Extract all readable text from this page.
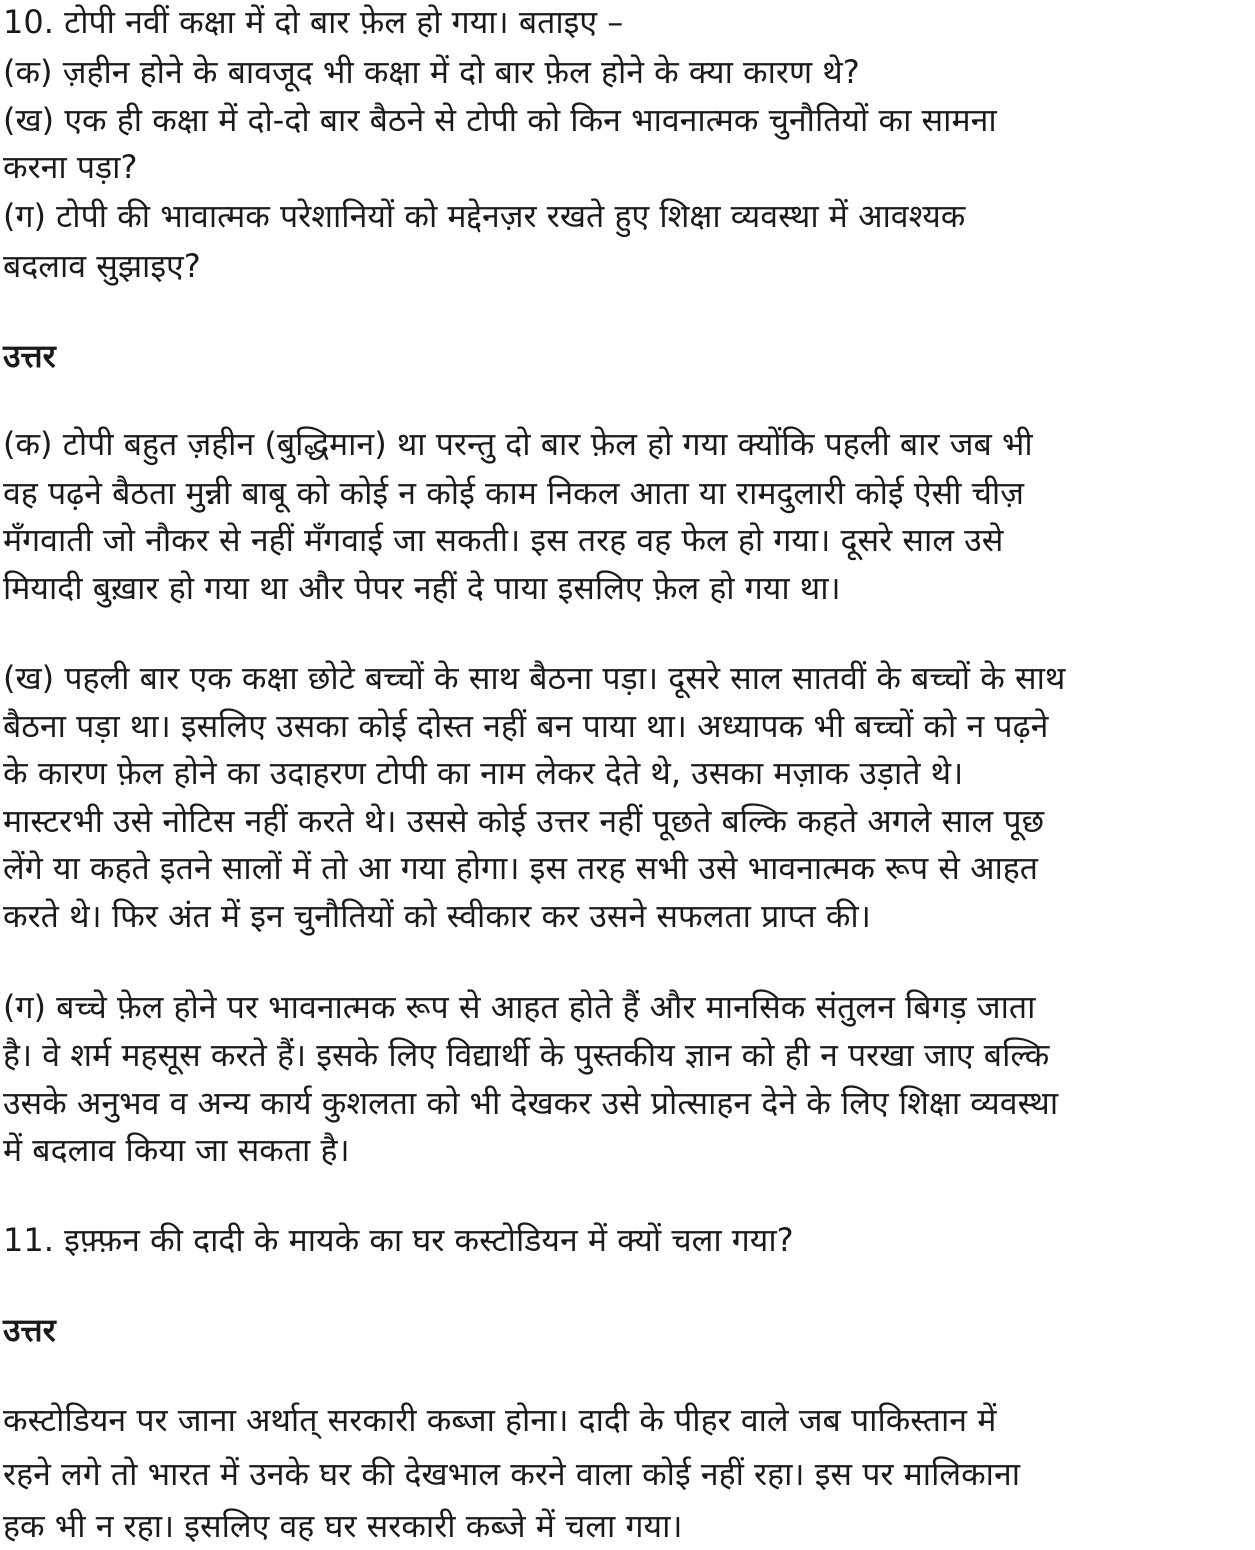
10. टोपी नवीं कक्षा में दो बार फ़ेल हो गया। बताइए –
(क) ज़हीन होने के बावजूद भी कक्षा में दो बार फ़ेल होने के क्या कारण थे?
(ख) एक ही कक्षा में दो-दो बार बैठने से टोपी को किन भावनात्मक चुनौतियों का सामना
करना पड़ा?
(ग) टोपी की भावात्मक परेशानियों को मद्देनज़र रखते हुए शिक्षा व्यवस्था में आवश्यक
बदलाव सुझाइए?
उत्तर
(क) टोपी बहुत ज़हीन (बुद्धिमान) था परन्तु दो बार फ़ेल हो गया क्योंकि पहली बार जब भी
वह पढ़ने बैठता मुन्नी बाबू को कोई न कोई काम निकल आता या रामदुलारी कोई ऐसी चीज़
मँगवाती जो नौकर से नहीं मँगवाई जा सकती। इस तरह वह फेल हो गया। दूसरे साल उसे
मियादी बुख़ार हो गया था और पेपर नहीं दे पाया इसलिए फ़ेल हो गया था।
(ख) पहली बार एक कक्षा छोटे बच्चों के साथ बैठना पड़ा। दूसरे साल सातवीं के बच्चों के साथ
बैठना पड़ा था। इसलिए उसका कोई दोस्त नहीं बन पाया था। अध्यापक भी बच्चों को न पढ़ने
के कारण फ़ेल होने का उदाहरण टोपी का नाम लेकर देते थे, उसका मज़ाक उड़ाते थे।
मास्टरभी उसे नोटिस नहीं करते थे। उससे कोई उत्तर नहीं पूछते बल्कि कहते अगले साल पूछ
लेंगे या कहते इतने सालों में तो आ गया होगा। इस तरह सभी उसे भावनात्मक रूप से आहत
करते थे। फिर अंत में इन चुनौतियों को स्वीकार कर उसने सफलता प्राप्त की।
(ग) बच्चे फ़ेल होने पर भावनात्मक रूप से आहत होते हैं और मानसिक संतुलन बिगड़ जाता
है। वे शर्म महसूस करते हैं। इसके लिए विद्यार्थी के पुस्तकीय ज्ञान को ही न परखा जाए बल्कि
उसके अनुभव व अन्य कार्य कुशलता को भी देखकर उसे प्रोत्साहन देने के लिए शिक्षा व्यवस्था
में बदलाव किया जा सकता है।
11. इफ़्फ़न की दादी के मायके का घर कस्टोडियन में क्यों चला गया?
उत्तर
कस्टोडियन पर जाना अर्थात् सरकारी कब्जा होना। दादी के पीहर वाले जब पाकिस्तान में
रहने लगे तो भारत में उनके घर की देखभाल करने वाला कोई नहीं रहा। इस पर मालिकाना
हक भी न रहा। इसलिए वह घर सरकारी कब्जे में चला गया।
